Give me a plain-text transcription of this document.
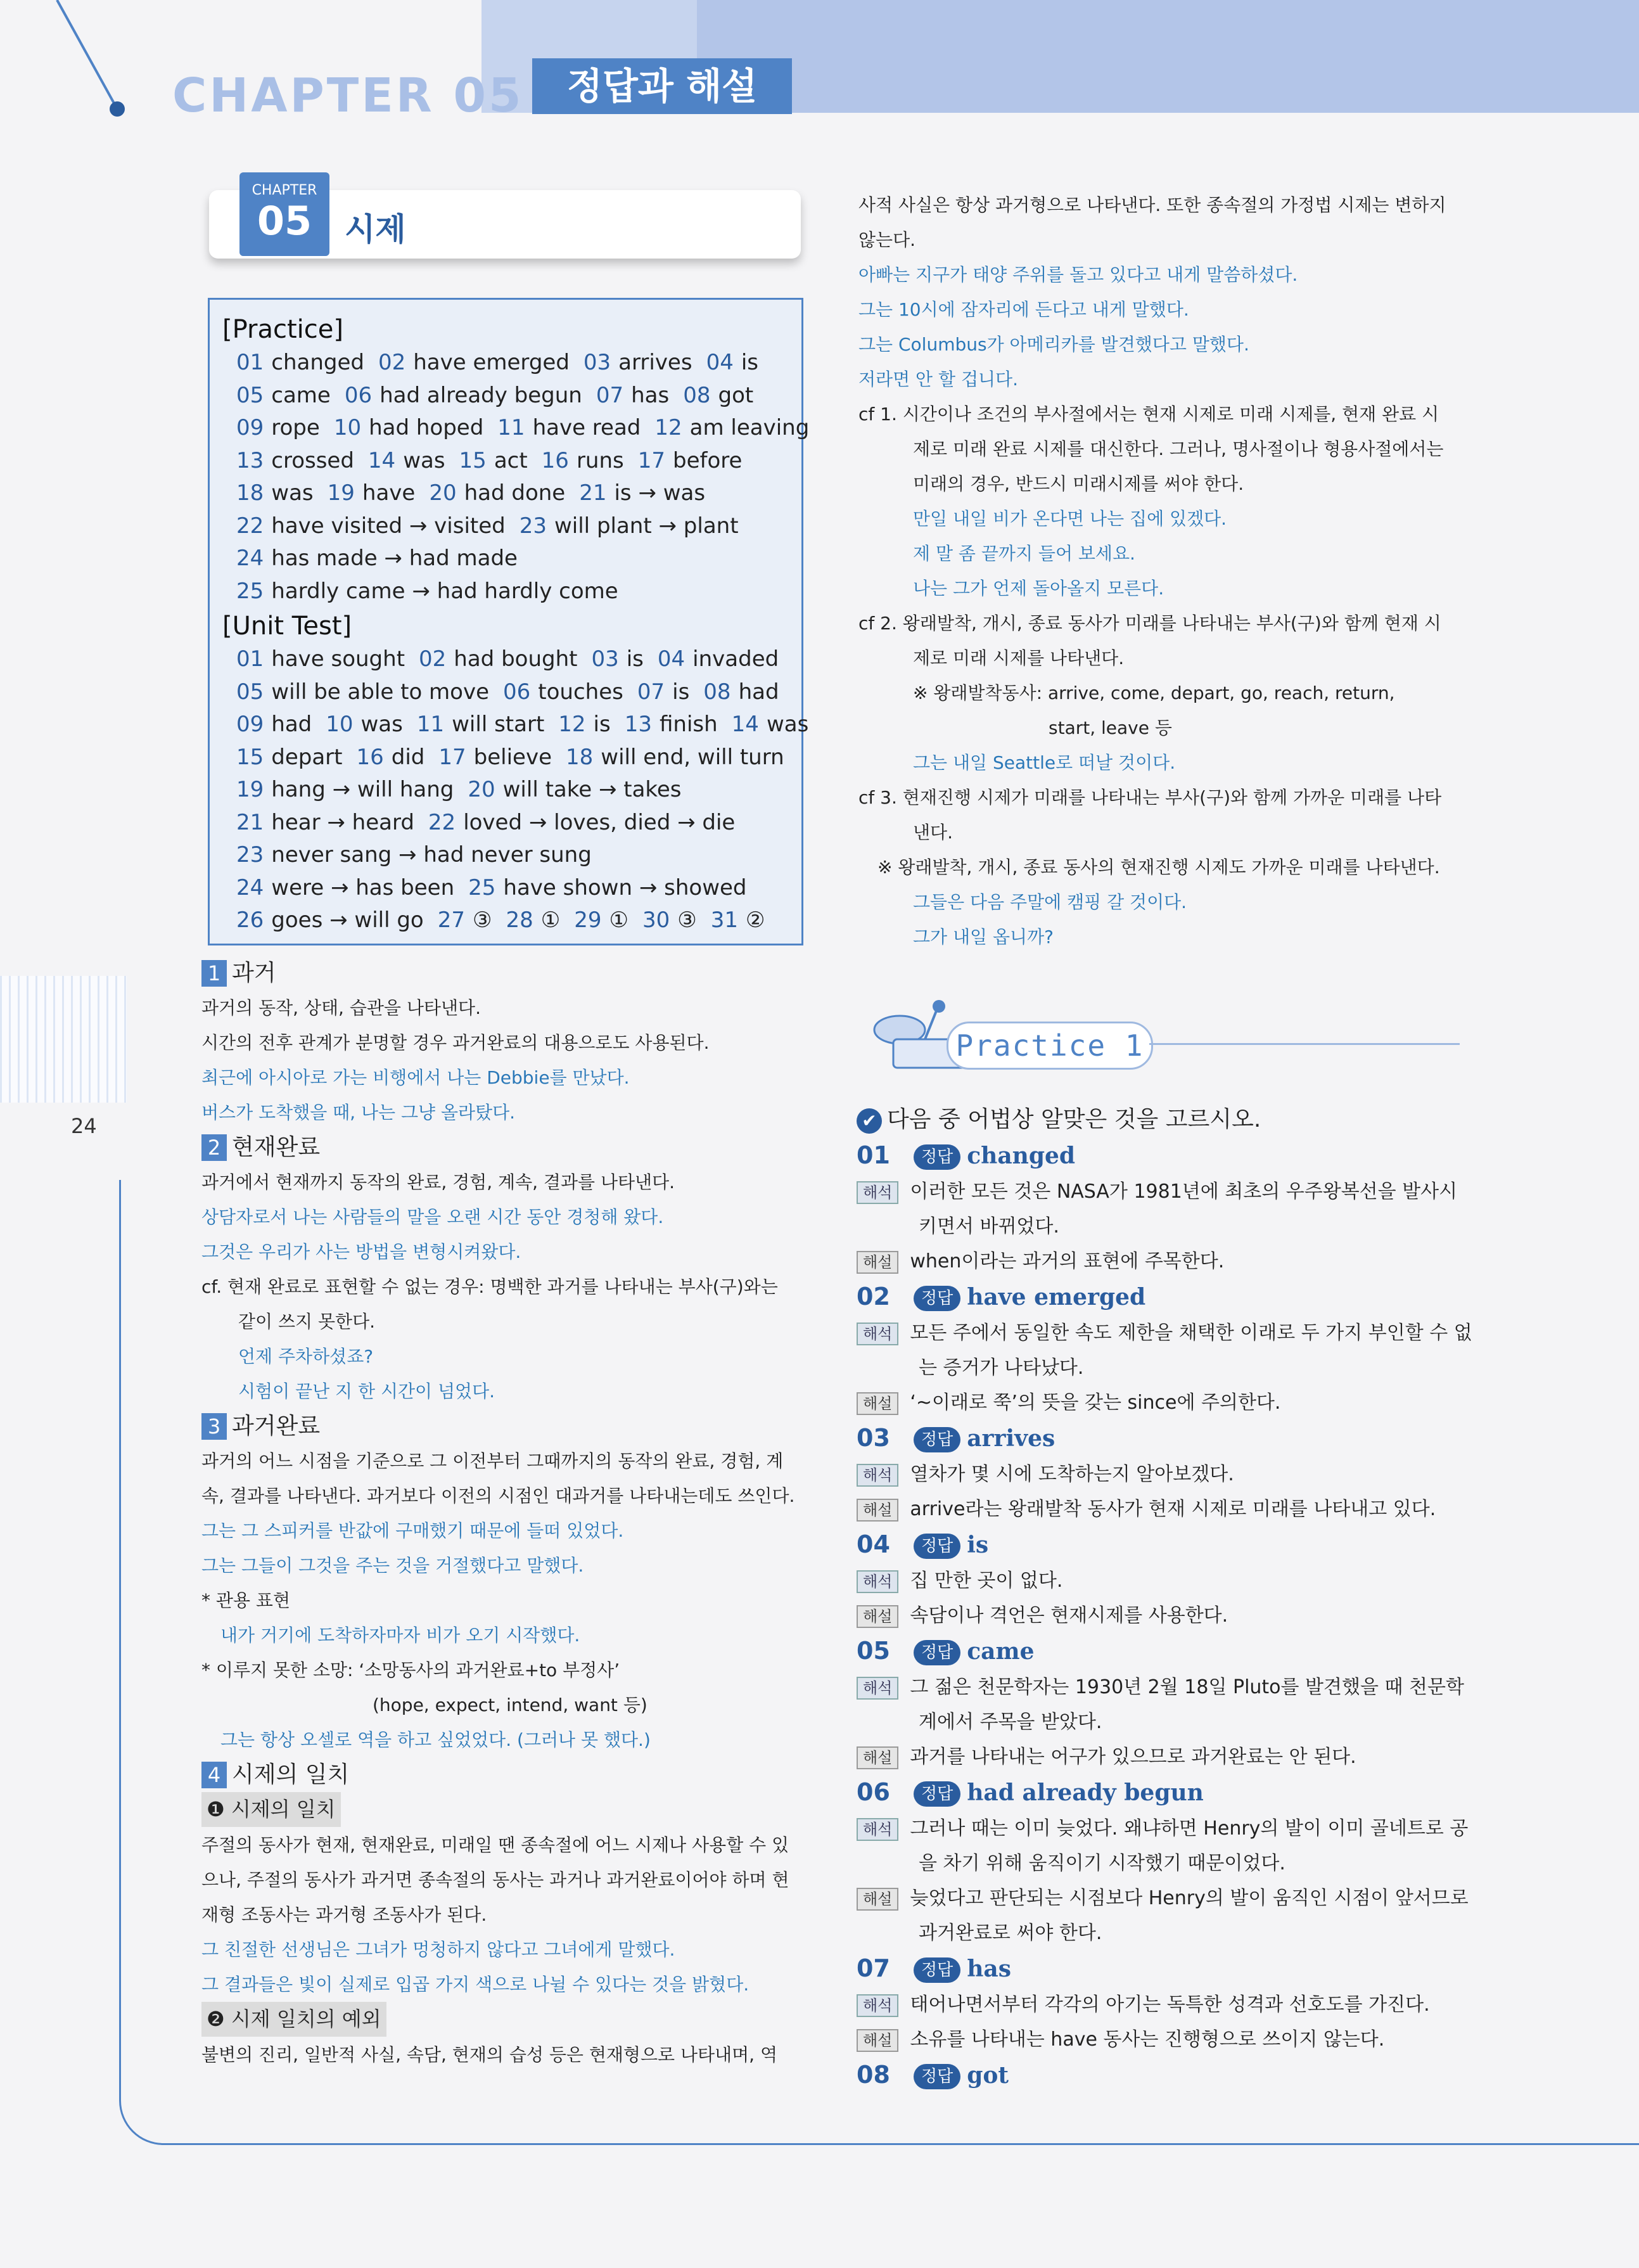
정답과 해설
CHAPTER 05
24
CHAPTER
05	시제
[Practice]
01 changed 02 have emerged 03 arrives 04 is
05 came 06 had already begun 07 has 08 got
09 rope 10 had hoped 11 have read 12 am leaving
13 crossed 14 was 15 act 16 runs 17 before
18 was 19 have 20 had done 21 is → was
22 have visited → visited 23 will plant → plant
24 has made → had made
25 hardly came → had hardly come
[Unit Test]
01 have sought 02 had bought 03 is 04 invaded
05 will be able to move 06 touches 07 is 08 had
09 had 10 was 11 will start 12 is 13 finish 14 was
15 depart 16 did 17 believe 18 will end, will turn
19 hang → will hang 20 will take → takes
21 hear → heard 22 loved → loves, died → die
23 never sang → had never sung
24 were → has been 25 have shown → showed
26 goes → will go 27 ③ 28 ① 29 ① 30 ③ 31 ②
1 과거
과거의 동작, 상태, 습관을 나타낸다.
시간의 전후 관계가 분명할 경우 과거완료의 대용으로도 사용된다.
최근에 아시아로 가는 비행에서 나는 Debbie를 만났다.
버스가 도착했을 때, 나는 그냥 올라탔다.
2 현재완료
과거에서 현재까지 동작의 완료, 경험, 계속, 결과를 나타낸다.
상담자로서 나는 사람들의 말을 오랜 시간 동안 경청해 왔다.
그것은 우리가 사는 방법을 변형시켜왔다.
cf. 현재 완료로 표현할 수 없는 경우: 명백한 과거를 나타내는 부사(구)와는
같이 쓰지 못한다.
언제 주차하셨죠?
시험이 끝난 지 한 시간이 넘었다.
3 과거완료
과거의 어느 시점을 기준으로 그 이전부터 그때까지의 동작의 완료, 경험, 계
속, 결과를 나타낸다. 과거보다 이전의 시점인 대과거를 나타내는데도 쓰인다.
그는 그 스피커를 반값에 구매했기 때문에 들떠 있었다.
그는 그들이 그것을 주는 것을 거절했다고 말했다.
* 관용 표현
내가 거기에 도착하자마자 비가 오기 시작했다.
* 이루지 못한 소망: ‘소망동사의 과거완료+to 부정사’
(hope, expect, intend, want 등)
그는 항상 오셀로 역을 하고 싶었었다. (그러나 못 했다.)
4 시제의 일치
❶ 시제의 일치
주절의 동사가 현재, 현재완료, 미래일 땐 종속절에 어느 시제나 사용할 수 있
으나, 주절의 동사가 과거면 종속절의 동사는 과거나 과거완료이어야 하며 현
재형 조동사는 과거형 조동사가 된다.
그 친절한 선생님은 그녀가 멍청하지 않다고 그녀에게 말했다.
그 결과들은 빛이 실제로 입곱 가지 색으로 나뉠 수 있다는 것을 밝혔다.
❷ 시제 일치의 예외
불변의 진리, 일반적 사실, 속담, 현재의 습성 등은 현재형으로 나타내며, 역
사적 사실은 항상 과거형으로 나타낸다. 또한 종속절의 가정법 시제는 변하지
않는다.
아빠는 지구가 태양 주위를 돌고 있다고 내게 말씀하셨다.
그는 10시에 잠자리에 든다고 내게 말했다.
그는 Columbus가 아메리카를 발견했다고 말했다.
저라면 안 할 겁니다.
cf 1. 시간이나 조건의 부사절에서는 현재 시제로 미래 시제를, 현재 완료 시
제로 미래 완료 시제를 대신한다. 그러나, 명사절이나 형용사절에서는
미래의 경우, 반드시 미래시제를 써야 한다.
만일 내일 비가 온다면 나는 집에 있겠다.
제 말 좀 끝까지 들어 보세요.
나는 그가 언제 돌아올지 모른다.
cf 2. 왕래발착, 개시, 종료 동사가 미래를 나타내는 부사(구)와 함께 현재 시
제로 미래 시제를 나타낸다.
※ 왕래발착동사: arrive, come, depart, go, reach, return,
start, leave 등
그는 내일 Seattle로 떠날 것이다.
cf 3. 현재진행 시제가 미래를 나타내는 부사(구)와 함께 가까운 미래를 나타
낸다.
※ 왕래발착, 개시, 종료 동사의 현재진행 시제도 가까운 미래를 나타낸다.
그들은 다음 주말에 캠핑 갈 것이다.
그가 내일 옵니까?
Practice 1
✔ 다음 중 어법상 알맞은 것을 고르시오.
01 정답 changed
해석 이러한 모든 것은 NASA가 1981년에 최초의 우주왕복선을 발사시
키면서 바뀌었다.
해설 when이라는 과거의 표현에 주목한다.
02 정답 have emerged
해석 모든 주에서 동일한 속도 제한을 채택한 이래로 두 가지 부인할 수 없
는 증거가 나타났다.
해설 ‘~이래로 쭉’의 뜻을 갖는 since에 주의한다.
03 정답 arrives
해석 열차가 몇 시에 도착하는지 알아보겠다.
해설 arrive라는 왕래발착 동사가 현재 시제로 미래를 나타내고 있다.
04 정답 is
해석 집 만한 곳이 없다.
해설 속담이나 격언은 현재시제를 사용한다.
05 정답 came
해석 그 젊은 천문학자는 1930년 2월 18일 Pluto를 발견했을 때 천문학
계에서 주목을 받았다.
해설 과거를 나타내는 어구가 있으므로 과거완료는 안 된다.
06 정답 had already begun
해석 그러나 때는 이미 늦었다. 왜냐하면 Henry의 발이 이미 골네트로 공
을 차기 위해 움직이기 시작했기 때문이었다.
해설 늦었다고 판단되는 시점보다 Henry의 발이 움직인 시점이 앞서므로
과거완료로 써야 한다.
07 정답 has
해석 태어나면서부터 각각의 아기는 독특한 성격과 선호도를 가진다.
해설 소유를 나타내는 have 동사는 진행형으로 쓰이지 않는다.
08 정답 got
